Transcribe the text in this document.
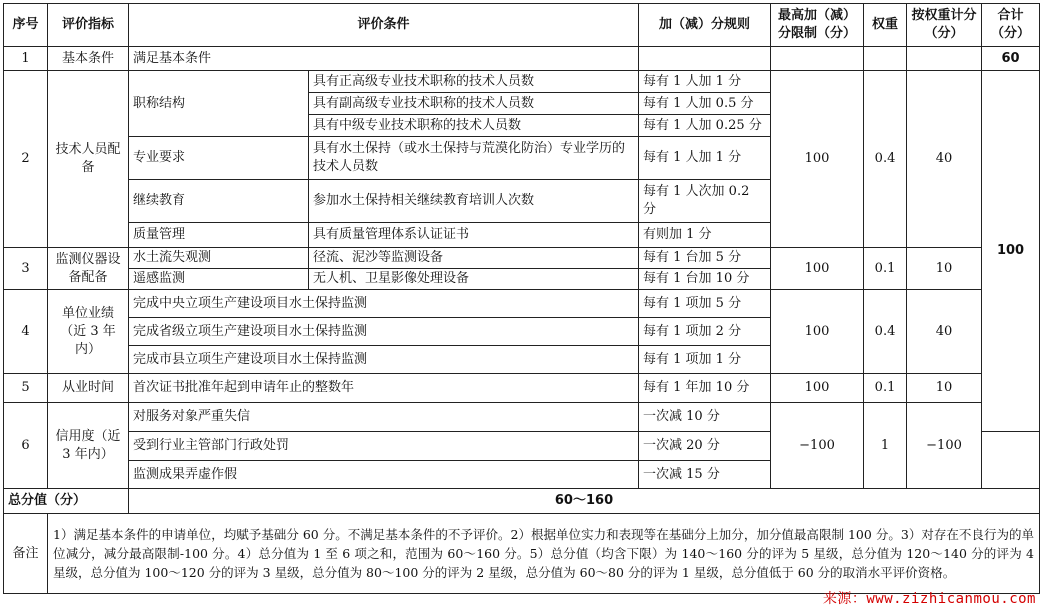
序号	评价指标	评价条件		加（减）分规则	最高加（减）分限制（分）	权重	按权重计分（分）	合计（分）	
1	基本条件	满足基本条件						60	
2	技术人员配备	职称结构	具有正高级专业技术职称的技术人员数	每有 1 人加 1 分	100	0.4	40	100	
			具有副高级专业技术职称的技术人员数	每有 1 人加 0.5 分					
			具有中级专业技术职称的技术人员数	每有 1 人加 0.25 分					
		专业要求	具有水土保持（或水土保持与荒漠化防治）专业学历的技术人员数	每有 1 人加 1 分					
		继续教育	参加水土保持相关继续教育培训人次数	每有 1 人次加 0.2 分					
		质量管理	具有质量管理体系认证证书	有则加 1 分					
3	监测仪器设备配备	水土流失观测	径流、泥沙等监测设备	每有 1 台加 5 分	100	0.1	10		
		遥感监测	无人机、卫星影像处理设备	每有 1 台加 10 分					
4	单位业绩（近 3 年内）	完成中央立项生产建设项目水土保持监测		每有 1 项加 5 分	100	0.4	40		
		完成省级立项生产建设项目水土保持监测		每有 1 项加 2 分					
		完成市县立项生产建设项目水土保持监测		每有 1 项加 1 分					
5	从业时间	首次证书批准年起到申请年止的整数年		每有 1 年加 10 分	100	0.1	10		
6	信用度（近 3 年内）	对服务对象严重失信		一次减 10 分	−100	1	−100	
		受到行业主管部门行政处罚		一次减 20 分					
		监测成果弄虚作假		一次减 15 分					
总分值（分）		60～160							
备注	1）满足基本条件的申请单位，均赋予基础分 60 分。不满足基本条件的不予评价。2）根据单位实力和表现等在基础分上加分，加分值最高限制 100 分。3）对存在不良行为的单位减分，减分最高限制-100 分。4）总分值为 1 至 6 项之和，范围为 60～160 分。5）总分值（均含下限）为 140～160 分的评为 5 星级，总分值为 120～140 分的评为 4 星级，总分值为 100～120 分的评为 3 星级，总分值为 80～100 分的评为 2 星级，总分值为 60～80 分的评为 1 星级，总分值低于 60 分的取消水平评价资格。								
来源：www.zizhicanmou.com
